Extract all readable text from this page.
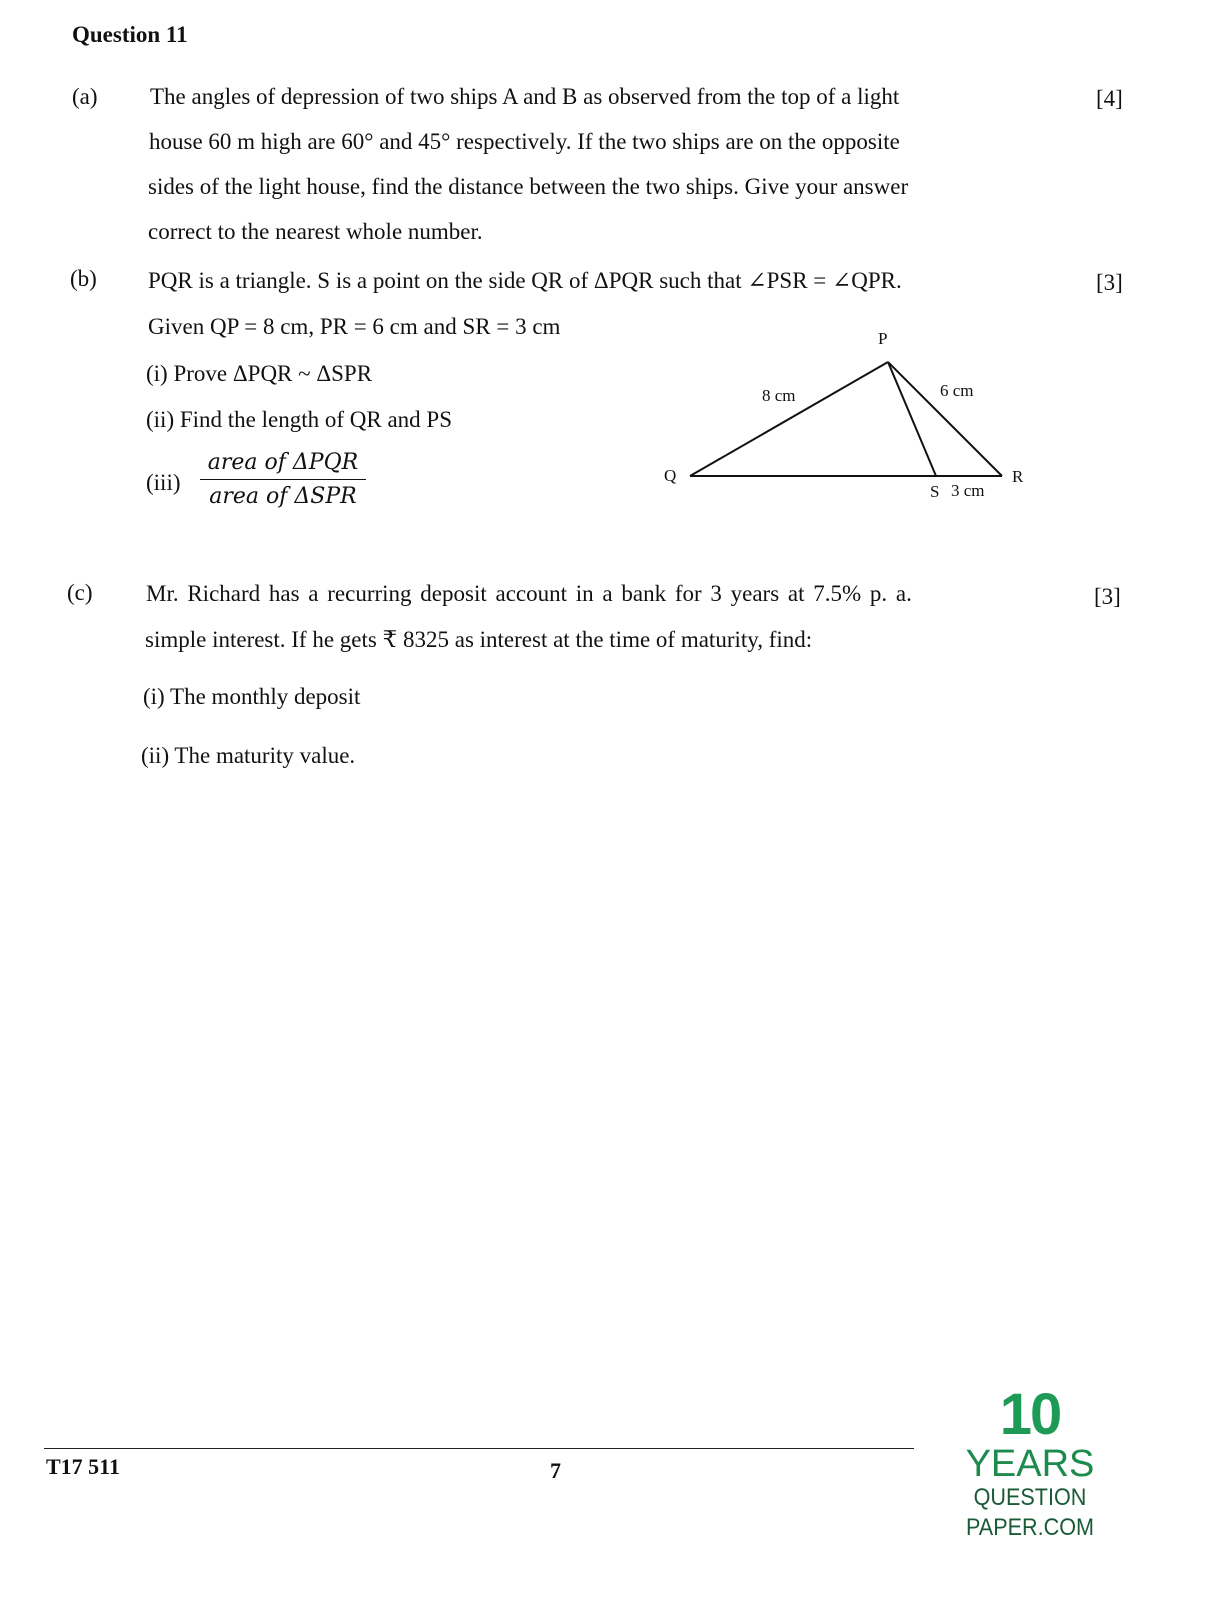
Question 11
(a)	[4]
The angles of depression of two ships A and B as observed from the top of a light
house 60 m high are 60° and 45° respectively. If the two ships are on the opposite
sides of the light house, find the distance between the two ships. Give your answer
correct to the nearest whole number.
(b)	[3]
PQR is a triangle. S is a point on the side QR of ΔPQR such that ∠PSR = ∠QPR.
Given QP = 8 cm, PR = 6 cm and SR = 3 cm
(i) Prove ΔPQR ~ ΔSPR
(ii) Find the length of QR and PS
(iii)
area of ΔPQR
area of ΔSPR
P
Q	R
S
8 cm	6 cm
3 cm
(c)	[3]
Mr. Richard has a recurring deposit account in a bank for 3 years at 7.5% p. a.
simple interest. If he gets ₹ 8325 as interest at the time of maturity, find:
(i) The monthly deposit
(ii) The maturity value.
T17 511	7
10
YEARS
QUESTION PAPER.COM
